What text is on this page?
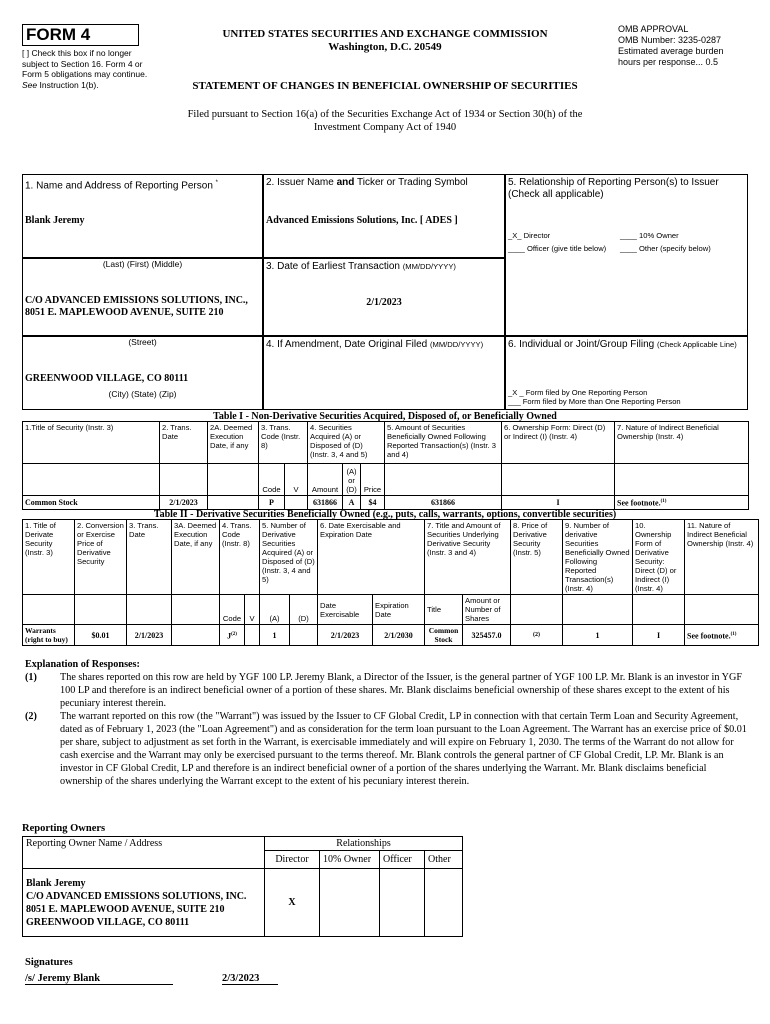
FORM 4
[ ] Check this box if no longer subject to Section 16. Form 4 or Form 5 obligations may continue. See Instruction 1(b).
UNITED STATES SECURITIES AND EXCHANGE COMMISSION
Washington, D.C. 20549
STATEMENT OF CHANGES IN BENEFICIAL OWNERSHIP OF SECURITIES
OMB APPROVAL
OMB Number: 3235-0287
Estimated average burden
hours per response... 0.5
Filed pursuant to Section 16(a) of the Securities Exchange Act of 1934 or Section 30(h) of the
Investment Company Act of 1940
1. Name and Address of Reporting Person *
Blank Jeremy
(Last) (First) (Middle)
C/O ADVANCED EMISSIONS SOLUTIONS, INC., 8051 E. MAPLEWOOD AVENUE, SUITE 210
(Street)
GREENWOOD VILLAGE, CO 80111
(City) (State) (Zip)
2. Issuer Name and Ticker or Trading Symbol
Advanced Emissions Solutions, Inc. [ ADES ]
3. Date of Earliest Transaction (MM/DD/YYYY)
2/1/2023
4. If Amendment, Date Original Filed (MM/DD/YYYY)
5. Relationship of Reporting Person(s) to Issuer
(Check all applicable)
_X_ Director	____ 10% Owner
____ Officer (give title below) ____ Other (specify below)
6. Individual or Joint/Group Filing (Check Applicable Line)
_X _ Form filed by One Reporting Person
___ Form filed by More than One Reporting Person
Table I - Non-Derivative Securities Acquired, Disposed of, or Beneficially Owned
1.Title of Security (Instr. 3)	2. Trans. Date	2A. Deemed Execution Date, if any	3. Trans. Code (Instr. 8)		4. Securities Acquired (A) or Disposed of (D) (Instr. 3, 4 and 5)			5. Amount of Securities Beneficially Owned Following Reported Transaction(s) (Instr. 3 and 4)	6. Ownership Form: Direct (D) or Indirect (I) (Instr. 4)	7. Nature of Indirect Beneficial Ownership (Instr. 4)
			Code	V	Amount	(A) or (D)	Price			
Common Stock	2/1/2023		P		631866	A	$4	631866	I	See footnote.$^{(1)}$
Table II - Derivative Securities Beneficially Owned (e.g., puts, calls, warrants, options, convertible securities)
1. Title of Derivate Security (Instr. 3)	2. Conversion or Exercise Price of Derivative Security	3. Trans. Date	3A. Deemed Execution Date, if any	4. Trans. Code (Instr. 8)		5. Number of Derivative Securities Acquired (A) or Disposed of (D) (Instr. 3, 4 and 5)		6. Date Exercisable and Expiration Date		7. Title and Amount of Securities Underlying Derivative Security (Instr. 3 and 4)		8. Price of Derivative Security (Instr. 5)	9. Number of derivative Securities Beneficially Owned Following Reported Transaction(s) (Instr. 4)	10. Ownership Form of Derivative Security: Direct (D) or Indirect (I) (Instr. 4)	11. Nature of Indirect Beneficial Ownership (Instr. 4)
				Code	V	(A)	(D)	Date Exercisable	Expiration Date	Title	Amount or Number of Shares				
Warrants (right to buy)	$0.01	2/1/2023		$J^{(2)}$		1		2/1/2023	2/1/2030	Common Stock	325457.0	(2)	1	I	See footnote.$^{(1)}$
Explanation of Responses:
(1)	The shares reported on this row are held by YGF 100 LP. Jeremy Blank, a Director of the Issuer, is the general partner of YGF 100 LP. Mr. Blank is an investor in YGF 100 LP and therefore is an indirect beneficial owner of a portion of these shares. Mr. Blank disclaims beneficial ownership of these shares except to the extent of his pecuniary interest therein.
(2)	The warrant reported on this row (the "Warrant") was issued by the Issuer to CF Global Credit, LP in connection with that certain Term Loan and Security Agreement, dated as of February 1, 2023 (the "Loan Agreement") and as consideration for the term loan pursuant to the Loan Agreement. The Warrant has an exercise price of $0.01 per share, subject to adjustment as set forth in the Warrant, is exercisable immediately and will expire on February 1, 2030. The terms of the Warrant do not allow for cash exercise and the Warrant may only be exercised pursuant to the terms thereof. Mr. Blank controls the general partner of CF Global Credit, LP. Mr. Blank is an investor in CF Global Credit, LP and therefore is an indirect beneficial owner of a portion of the shares underlying the Warrant. Mr. Blank disclaims beneficial ownership of the shares underlying the Warrant except to the extent of his pecuniary interest therein.
Reporting Owners
Reporting Owner Name / Address	Relationships			
	Director	10% Owner	Officer	Other

Blank Jeremy
C/O ADVANCED EMISSIONS SOLUTIONS, INC.
8051 E. MAPLEWOOD AVENUE, SUITE 210
GREENWOOD VILLAGE, CO 80111	X			
Signatures
/s/ Jeremy Blank	2/3/2023
